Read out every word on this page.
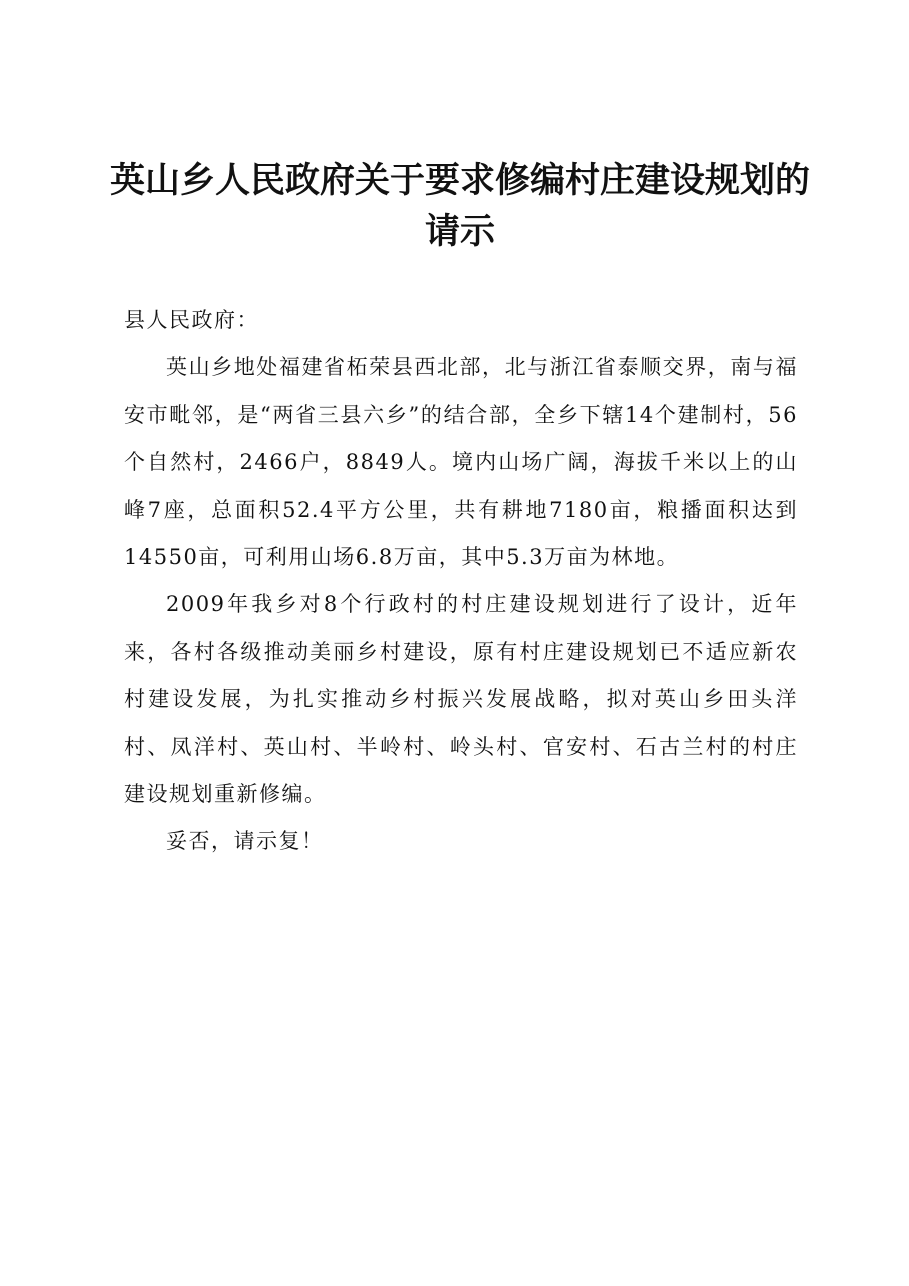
英山乡人民政府关于要求修编村庄建设规划的
请示

县人民政府：

英山乡地处福建省柘荣县西北部，北与浙江省泰顺交界，南与福安市毗邻，是“两省三县六乡”的结合部，全乡下辖14个建制村，56个自然村，2466户，8849人。境内山场广阔，海拔千米以上的山峰7座，总面积52.4平方公里，共有耕地7180亩，粮播面积达到14550亩，可利用山场6.8万亩，其中5.3万亩为林地。

2009年我乡对8个行政村的村庄建设规划进行了设计，近年来，各村各级推动美丽乡村建设，原有村庄建设规划已不适应新农村建设发展，为扎实推动乡村振兴发展战略，拟对英山乡田头洋村、凤洋村、英山村、半岭村、岭头村、官安村、石古兰村的村庄建设规划重新修编。

妥否，请示复！
